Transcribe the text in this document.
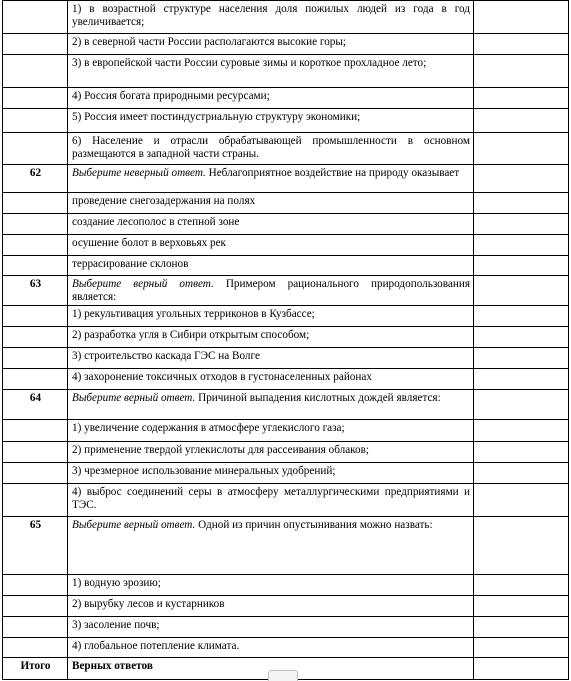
	1) в возрастной структуре населения доля пожилых людей из года в год увеличивается;	
	2) в северной части России располагаются высокие горы;	
	3) в европейской части России суровые зимы и короткое прохладное лето;	
	4) Россия богата природными ресурсами;	
	5) Россия имеет постиндустриальную структуру экономики;	
	6) Население и отрасли обрабатывающей промышленности в основном размещаются в западной части страны.	
62	Выберите неверный ответ. Неблагоприятное воздействие на природу оказывает	
	проведение снегозадержания на полях	
	создание лесополос в степной зоне	
	осушение болот в верховьях рек	
	террасирование склонов	
63	Выберите верный ответ. Примером рационального природопользования является:	
	1) рекультивация угольных терриконов в Кузбассе;	
	2) разработка угля в Сибири открытым способом;	
	3) строительство каскада ГЭС на Волге	
	4) захоронение токсичных отходов в густонаселенных районах	
64	Выберите верный ответ. Причиной выпадения кислотных дождей является:	
	1) увеличение содержания в атмосфере углекислого газа;	
	2) применение твердой углекислоты для рассеивания облаков;	
	3) чрезмерное использование минеральных удобрений;	
	4) выброс соединений серы в атмосферу металлургическими предприятиями и ТЭС.	
65	Выберите верный ответ. Одной из причин опустынивания можно назвать:	
	1) водную эрозию;	
	2) вырубку лесов и кустарников	
	3) засоление почв;	
	4) глобальное потепление климата.	
Итого	Верных ответов	
